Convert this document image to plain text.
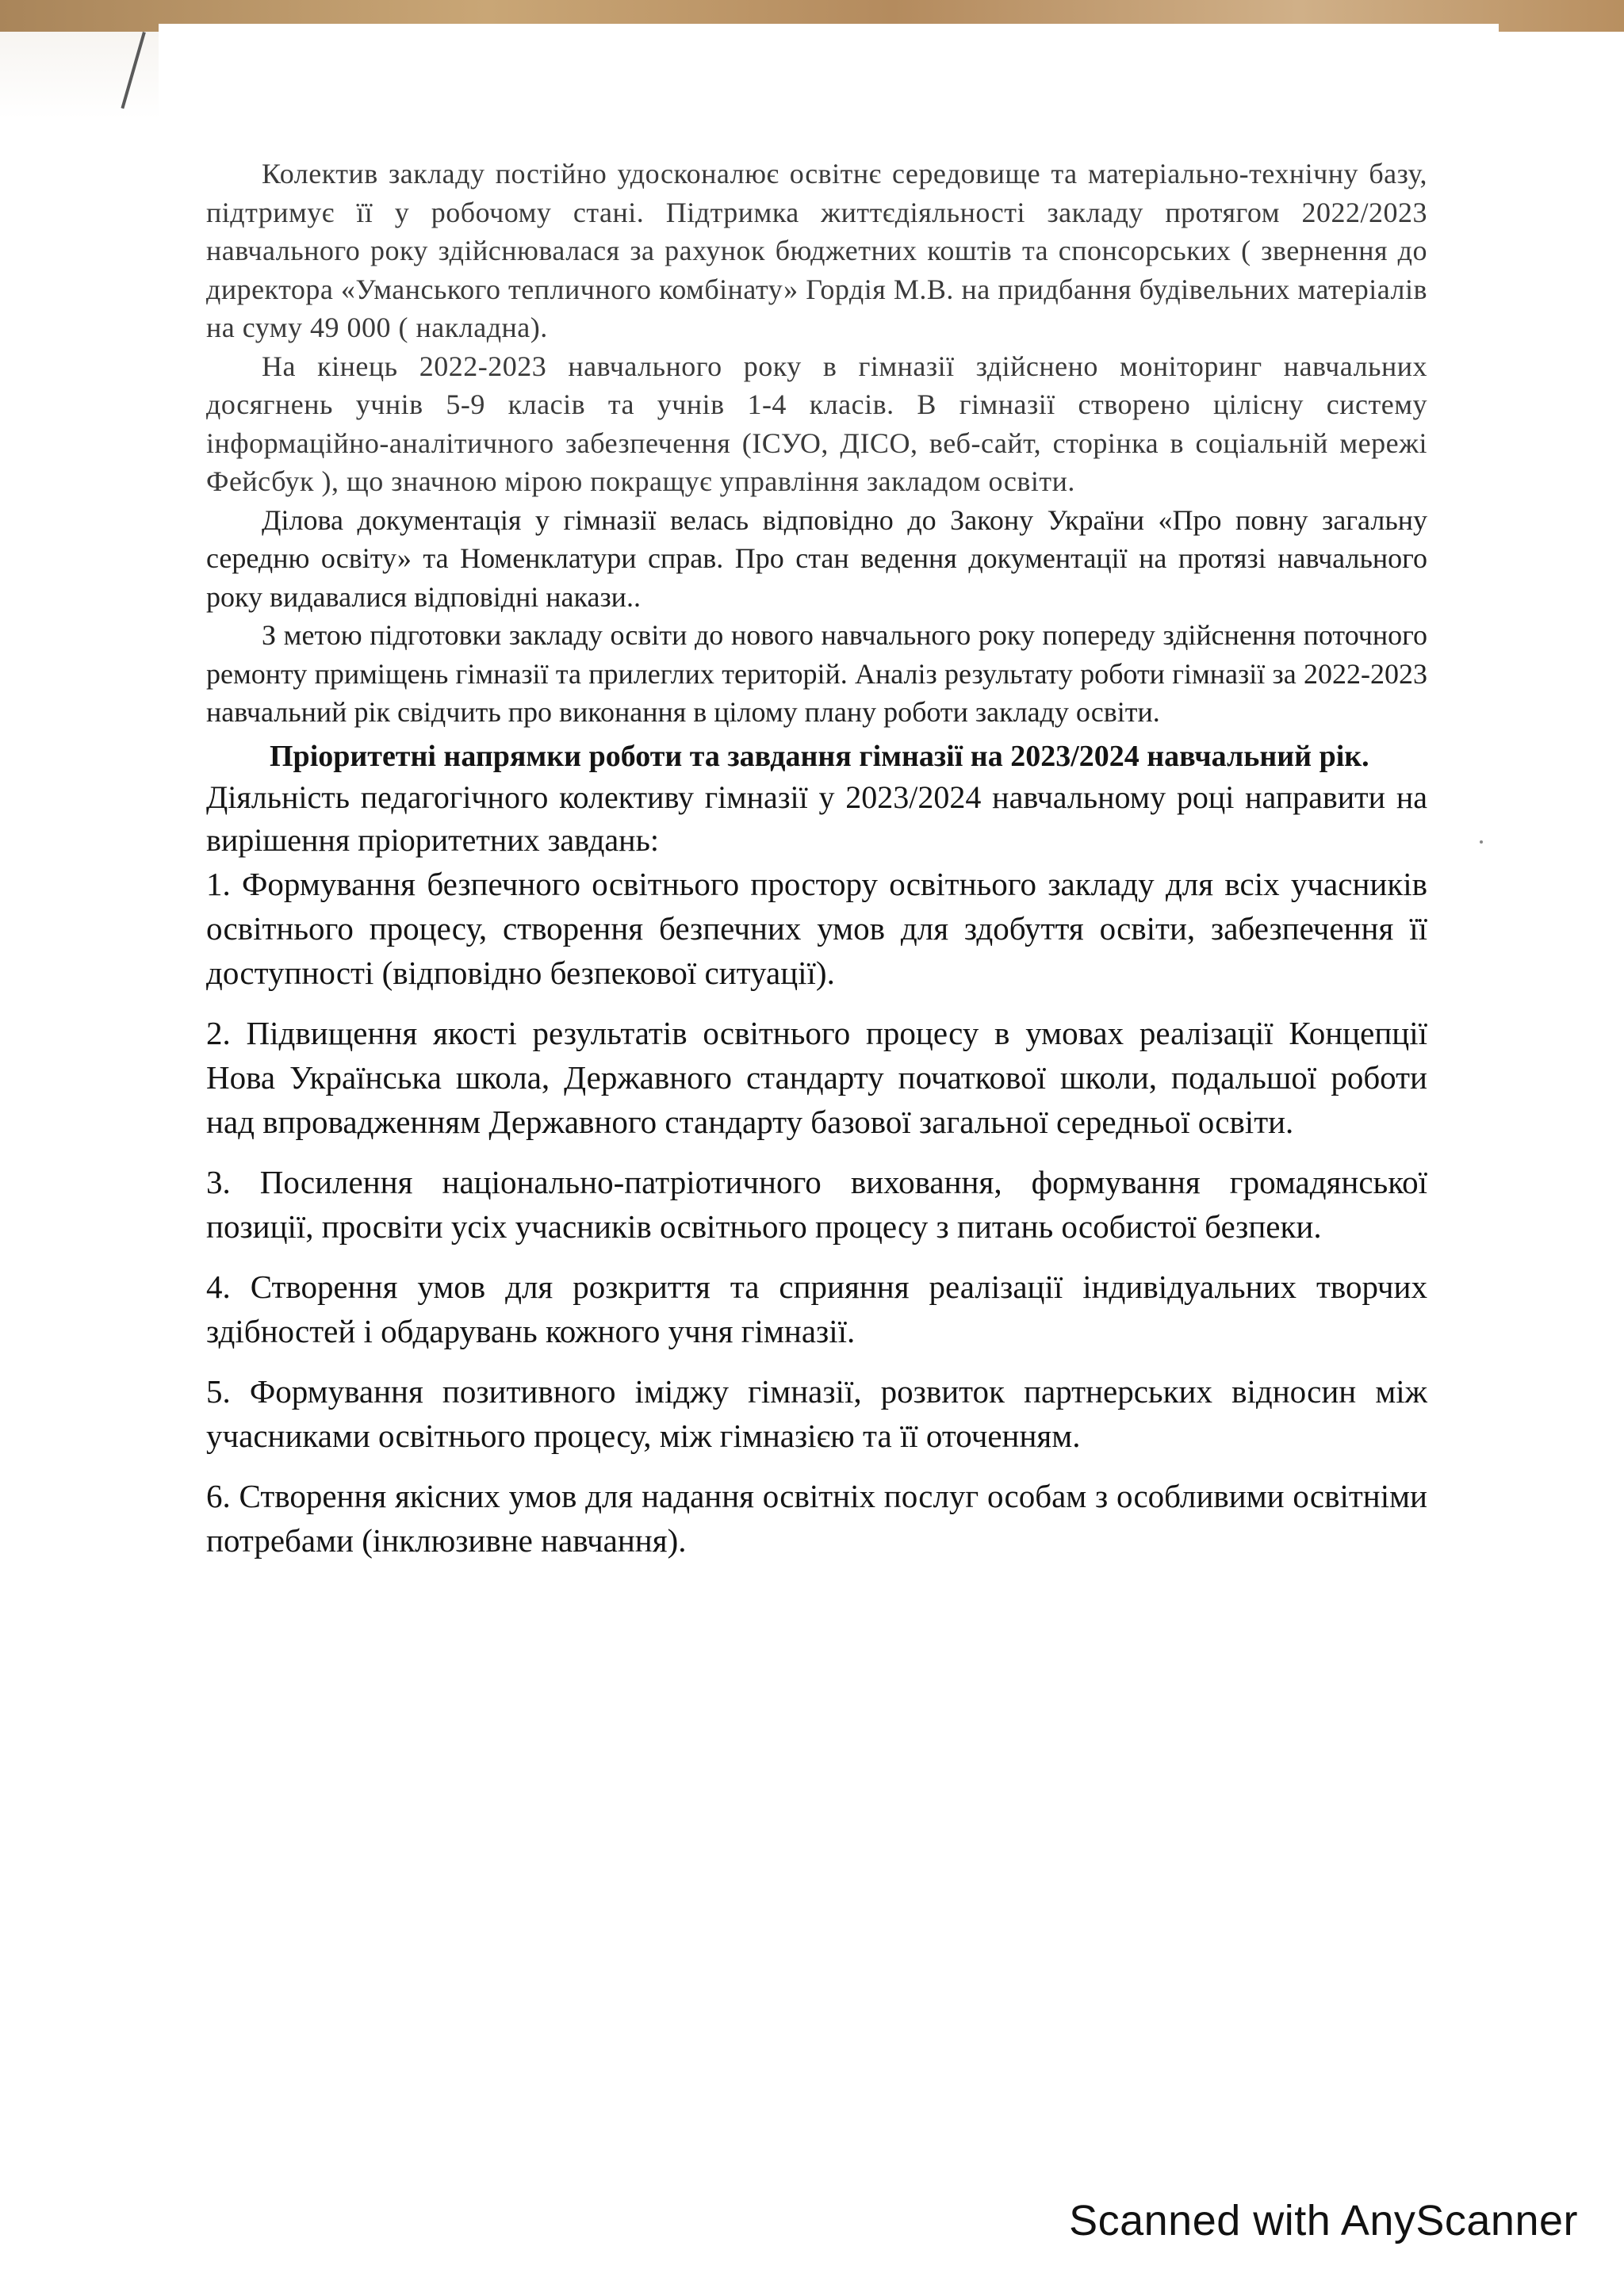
Колектив закладу постійно удосконалює освітнє середовище та матеріально-технічну базу, підтримує її у робочому стані. Підтримка життєдіяльності закладу протягом 2022/2023 навчального року здійснювалася за рахунок бюджетних коштів та спонсорських ( звернення до директора «Уманського тепличного комбінату» Гордія М.В. на придбання будівельних матеріалів на суму 49 000 ( накладна).

На кінець 2022-2023 навчального року в гімназії здійснено моніторинг навчальних досягнень учнів 5-9 класів та учнів 1-4 класів. В гімназії створено цілісну систему інформаційно-аналітичного забезпечення (ІСУО, ДІСО, веб-сайт, сторінка в соціальній мережі Фейсбук ), що значною мірою покращує управління закладом освіти.

Ділова документація у гімназії велась відповідно до Закону України «Про повну загальну середню освіту» та Номенклатури справ. Про стан ведення документації на протязі навчального року видавалися відповідні накази..

З метою підготовки закладу освіти до нового навчального року попереду здійснення поточного ремонту приміщень гімназії та прилеглих територій. Аналіз результату роботи гімназії за 2022-2023 навчальний рік свідчить про виконання в цілому плану роботи закладу освіти.

Пріоритетні напрямки роботи та завдання гімназії на 2023/2024 навчальний рік.

Діяльність педагогічного колективу гімназії у 2023/2024 навчальному році направити на вирішення пріоритетних завдань:

1. Формування безпечного освітнього простору освітнього закладу для всіх учасників освітнього процесу, створення безпечних умов для здобуття освіти, забезпечення її доступності (відповідно безпекової ситуації).

2. Підвищення якості результатів освітнього процесу в умовах реалізації Концепції Нова Українська школа, Державного стандарту початкової школи, подальшої роботи над впровадженням Державного стандарту базової загальної середньої освіти.

3. Посилення національно-патріотичного виховання, формування громадянської позиції, просвіти усіх учасників освітнього процесу з питань особистої безпеки.

4. Створення умов для розкриття та сприяння реалізації індивідуальних творчих здібностей і обдарувань кожного учня гімназії.

5. Формування позитивного іміджу гімназії, розвиток партнерських відносин між учасниками освітнього процесу, між гімназією та її оточенням.

6. Створення якісних умов для надання освітніх послуг особам з особливими освітніми потребами (інклюзивне навчання).

Scanned with AnyScanner
